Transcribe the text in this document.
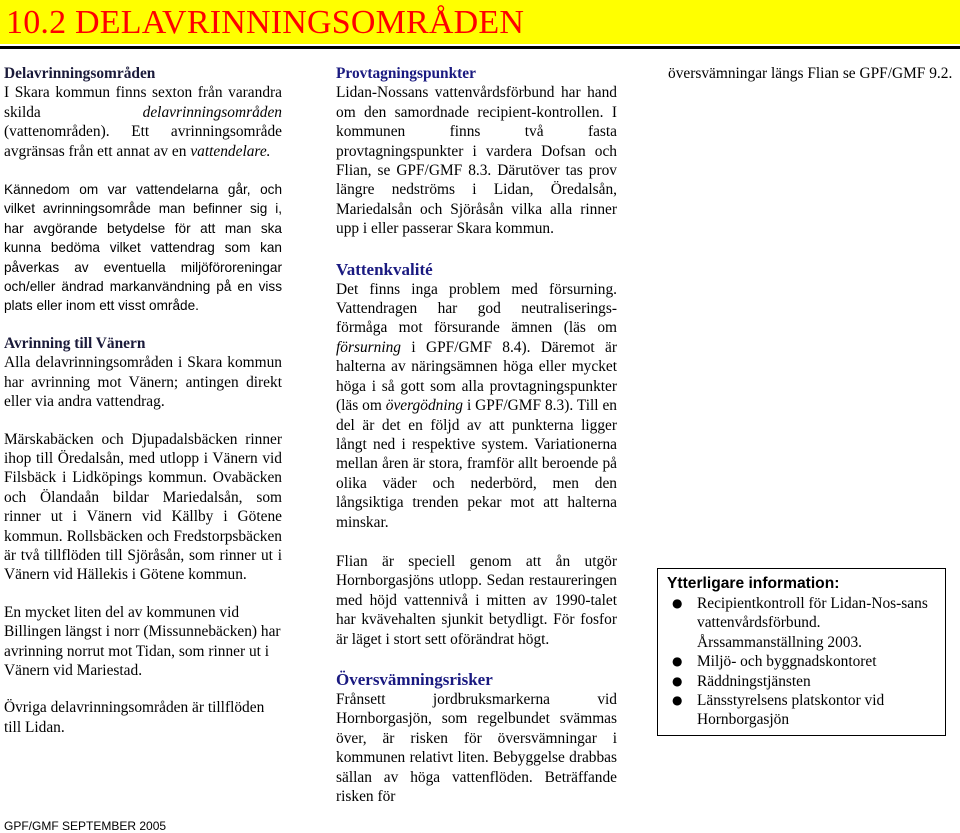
10.2 DELAVRINNINGSOMRÅDEN

Delavrinningsområden

I Skara kommun finns sexton från varandra skilda delavrinningsområden (vattenområden). Ett avrinningsområde avgränsas från ett annat av en vattendelare.

Kännedom om var vattendelarna går, och vilket avrinningsområde man befinner sig i, har avgörande betydelse för att man ska kunna bedöma vilket vattendrag som kan påverkas av eventuella miljöföroreningar och/eller ändrad markanvändning på en viss plats eller inom ett visst område.

Avrinning till Vänern

Alla delavrinningsområden i Skara kommun har avrinning mot Vänern; antingen direkt eller via andra vattendrag.

Märskabäcken och Djupadalsbäcken rinner ihop till Öredalsån, med utlopp i Vänern vid Filsbäck i Lidköpings kommun. Ovabäcken och Ölandaån bildar Mariedalsån, som rinner ut i Vänern vid Källby i Götene kommun. Rollsbäcken och Fredstorpsbäcken är två tillflöden till Sjöråsån, som rinner ut i Vänern vid Hällekis i Götene kommun.

En mycket liten del av kommunen vid Billingen längst i norr (Missunnebäcken) har avrinning norrut mot Tidan, som rinner ut i Vänern vid Mariestad.

Övriga delavrinningsområden är tillflöden till Lidan.

Provtagningspunkter

Lidan-Nossans vattenvårdsförbund har hand om den samordnade recipient-kontrollen. I kommunen finns två fasta provtagningspunkter i vardera Dofsan och Flian, se GPF/GMF 8.3. Därutöver tas prov längre nedströms i Lidan, Öredalsån, Mariedalsån och Sjöråsån vilka alla rinner upp i eller passerar Skara kommun.

Vattenkvalité

Det finns inga problem med försurning. Vattendragen har god neutraliserings-förmåga mot försurande ämnen (läs om försurning i GPF/GMF 8.4). Däremot är halterna av näringsämnen höga eller mycket höga i så gott som alla provtagningspunkter (läs om övergödning i GPF/GMF 8.3). Till en del är det en följd av att punkterna ligger långt ned i respektive system. Variationerna mellan åren är stora, framför allt beroende på olika väder och nederbörd, men den långsiktiga trenden pekar mot att halterna minskar.

Flian är speciell genom att ån utgör Hornborgasjöns utlopp. Sedan restaureringen med höjd vattennivå i mitten av 1990-talet har kvävehalten sjunkit betydligt. För fosfor är läget i stort sett oförändrat högt.

Översvämningsrisker

Frånsett jordbruksmarkerna vid Hornborgasjön, som regelbundet svämmas över, är risken för översvämningar i kommunen relativt liten. Bebyggelse drabbas sällan av höga vattenflöden. Beträffande risken för

översvämningar längs Flian se GPF/GMF 9.2.

Ytterligare information:
● Recipientkontroll för Lidan-Nos-sans vattenvårdsförbund. Årssammanställning 2003.
● Miljö- och byggnadskontoret
● Räddningstjänsten
● Länsstyrelsens platskontor vid Hornborgasjön
GPF/GMF SEPTEMBER 2005
